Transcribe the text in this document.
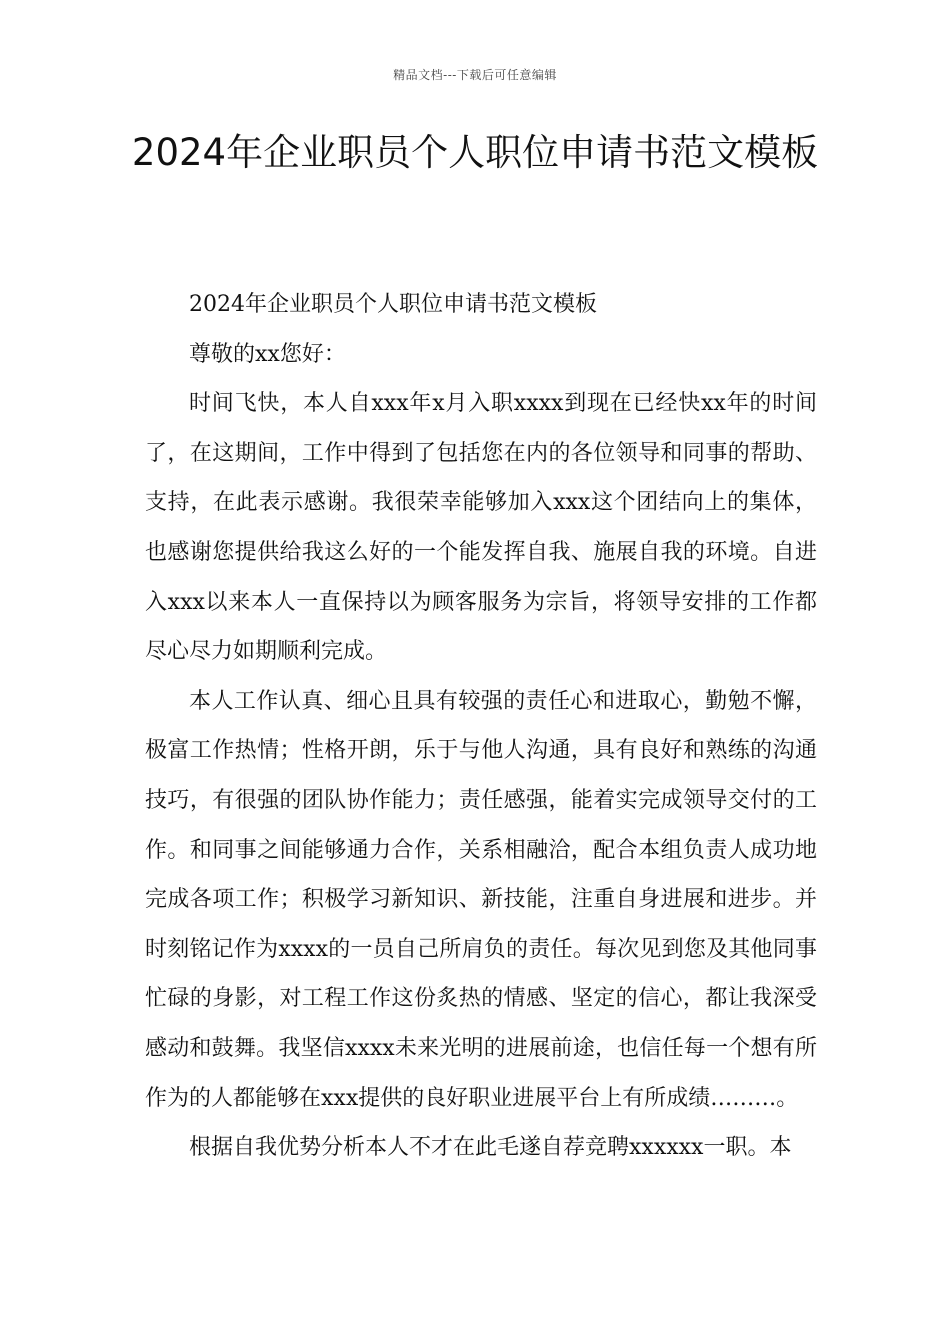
精品文档---下载后可任意编辑
2024年企业职员个人职位申请书范文模板

2024年企业职员个人职位申请书范文模板

尊敬的xx您好：

时间飞快，本人自xxx年x月入职xxxx到现在已经快xx年的时间了，在这期间，工作中得到了包括您在内的各位领导和同事的帮助、支持，在此表示感谢。我很荣幸能够加入xxx这个团结向上的集体，也感谢您提供给我这么好的一个能发挥自我、施展自我的环境。自进入xxx以来本人一直保持以为顾客服务为宗旨，将领导安排的工作都尽心尽力如期顺利完成。

本人工作认真、细心且具有较强的责任心和进取心，勤勉不懈，极富工作热情；性格开朗，乐于与他人沟通，具有良好和熟练的沟通技巧，有很强的团队协作能力；责任感强，能着实完成领导交付的工作。和同事之间能够通力合作，关系相融洽，配合本组负责人成功地完成各项工作；积极学习新知识、新技能，注重自身进展和进步。并时刻铭记作为xxxx的一员自己所肩负的责任。每次见到您及其他同事忙碌的身影，对工程工作这份炙热的情感、坚定的信心，都让我深受感动和鼓舞。我坚信xxxx未来光明的进展前途，也信任每一个想有所作为的人都能够在xxx提供的良好职业进展平台上有所成绩………。

根据自我优势分析本人不才在此毛遂自荐竞聘xxxxxx一职。本
